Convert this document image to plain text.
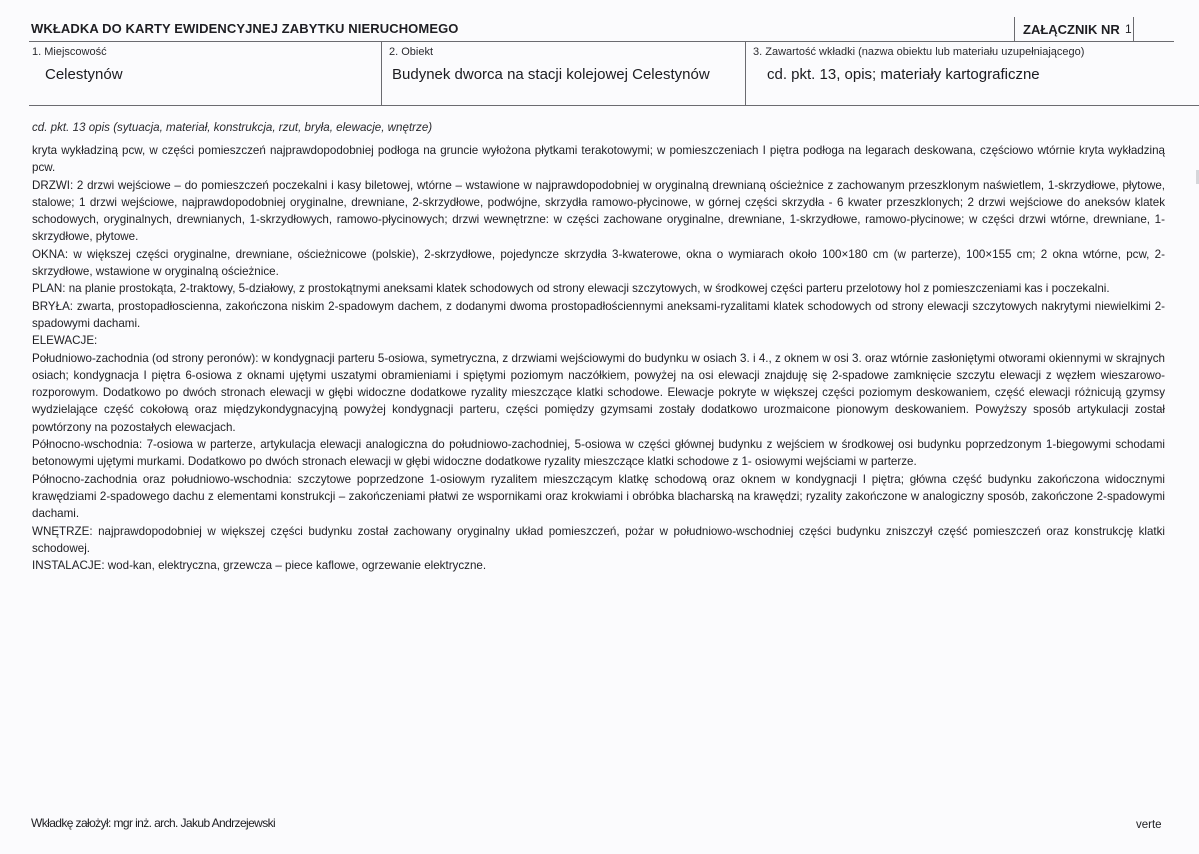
WKŁADKA DO KARTY EWIDENCYJNEJ ZABYTKU NIERUCHOMEGO	ZAŁĄCZNIK NR 1
1. Miejscowość
Celestynów
2. Obiekt
Budynek dworca na stacji kolejowej Celestynów
3. Zawartość wkładki (nazwa obiektu lub materiału uzupełniającego)
cd. pkt. 13, opis; materiały kartograficzne
cd. pkt. 13 opis (sytuacja, materiał, konstrukcja, rzut, bryła, elewacje, wnętrze)

kryta wykładziną pcw, w części pomieszczeń najprawdopodobniej podłoga na gruncie wyłożona płytkami terakotowymi; w pomieszczeniach I piętra podłoga na legarach deskowana, częściowo wtórnie kryta wykładziną pcw.

DRZWI: 2 drzwi wejściowe – do pomieszczeń poczekalni i kasy biletowej, wtórne – wstawione w najprawdopodobniej w oryginalną drewnianą ościeżnice z zachowanym przeszklonym naświetlem, 1-skrzydłowe, płytowe, stalowe; 1 drzwi wejściowe, najprawdopodobniej oryginalne, drewniane, 2-skrzydłowe, podwójne, skrzydła ramowo-płycinowe, w górnej części skrzydła - 6 kwater przeszklonych; 2 drzwi wejściowe do aneksów klatek schodowych, oryginalnych, drewnianych, 1-skrzydłowych, ramowo-płycinowych; drzwi wewnętrzne: w części zachowane oryginalne, drewniane, 1-skrzydłowe, ramowo-płycinowe; w części drzwi wtórne, drewniane, 1-skrzydłowe, płytowe.

OKNA: w większej części oryginalne, drewniane, ościeżnicowe (polskie), 2-skrzydłowe, pojedyncze skrzydła 3-kwaterowe, okna o wymiarach około 100×180 cm (w parterze), 100×155 cm; 2 okna wtórne, pcw, 2-skrzydłowe, wstawione w oryginalną ościeżnice.

PLAN: na planie prostokąta, 2-traktowy, 5-działowy, z prostokątnymi aneksami klatek schodowych od strony elewacji szczytowych, w środkowej części parteru przelotowy hol z pomieszczeniami kas i poczekalni.

BRYŁA: zwarta, prostopadłoscienna, zakończona niskim 2-spadowym dachem, z dodanymi dwoma prostopadłościennymi aneksami-ryzalitami klatek schodowych od strony elewacji szczytowych nakrytymi niewielkimi 2- spadowymi dachami.

ELEWACJE:

Południowo-zachodnia (od strony peronów): w kondygnacji parteru 5-osiowa, symetryczna, z drzwiami wejściowymi do budynku w osiach 3. i 4., z oknem w osi 3. oraz wtórnie zasłoniętymi otworami okiennymi w skrajnych osiach; kondygnacja I piętra 6-osiowa z oknami ujętymi uszatymi obramieniami i spiętymi poziomym naczółkiem, powyżej na osi elewacji znajduję się 2-spadowe zamknięcie szczytu elewacji z węzłem wieszarowo-rozporowym. Dodatkowo po dwóch stronach elewacji w głębi widoczne dodatkowe ryzality mieszczące klatki schodowe. Elewacje pokryte w większej części poziomym deskowaniem, część elewacji różnicują gzymsy wydzielające część cokołową oraz międzykondygnacyjną powyżej kondygnacji parteru, części pomiędzy gzymsami zostały dodatkowo urozmaicone pionowym deskowaniem. Powyższy sposób artykulacji został powtórzony na pozostałych elewacjach.

Północno-wschodnia: 7-osiowa w parterze, artykulacja elewacji analogiczna do południowo-zachodniej, 5-osiowa w części głównej budynku z wejściem w środkowej osi budynku poprzedzonym 1-biegowymi schodami betonowymi ujętymi murkami. Dodatkowo po dwóch stronach elewacji w głębi widoczne dodatkowe ryzality mieszczące klatki schodowe z 1- osiowymi wejściami w parterze.

Północno-zachodnia oraz południowo-wschodnia: szczytowe poprzedzone 1-osiowym ryzalitem mieszczącym klatkę schodową oraz oknem w kondygnacji I piętra; główna część budynku zakończona widocznymi krawędziami 2-spadowego dachu z elementami konstrukcji – zakończeniami płatwi ze wspornikami oraz krokwiami i obróbka blacharską na krawędzi; ryzality zakończone w analogiczny sposób, zakończone 2-spadowymi dachami.

WNĘTRZE: najprawdopodobniej w większej części budynku został zachowany oryginalny układ pomieszczeń, pożar w południowo-wschodniej części budynku zniszczył część pomieszczeń oraz konstrukcję klatki schodowej.

INSTALACJE: wod-kan, elektryczna, grzewcza – piece kaflowe, ogrzewanie elektryczne.

Wkładkę założył: mgr inż. arch. Jakub Andrzejewski	verte
